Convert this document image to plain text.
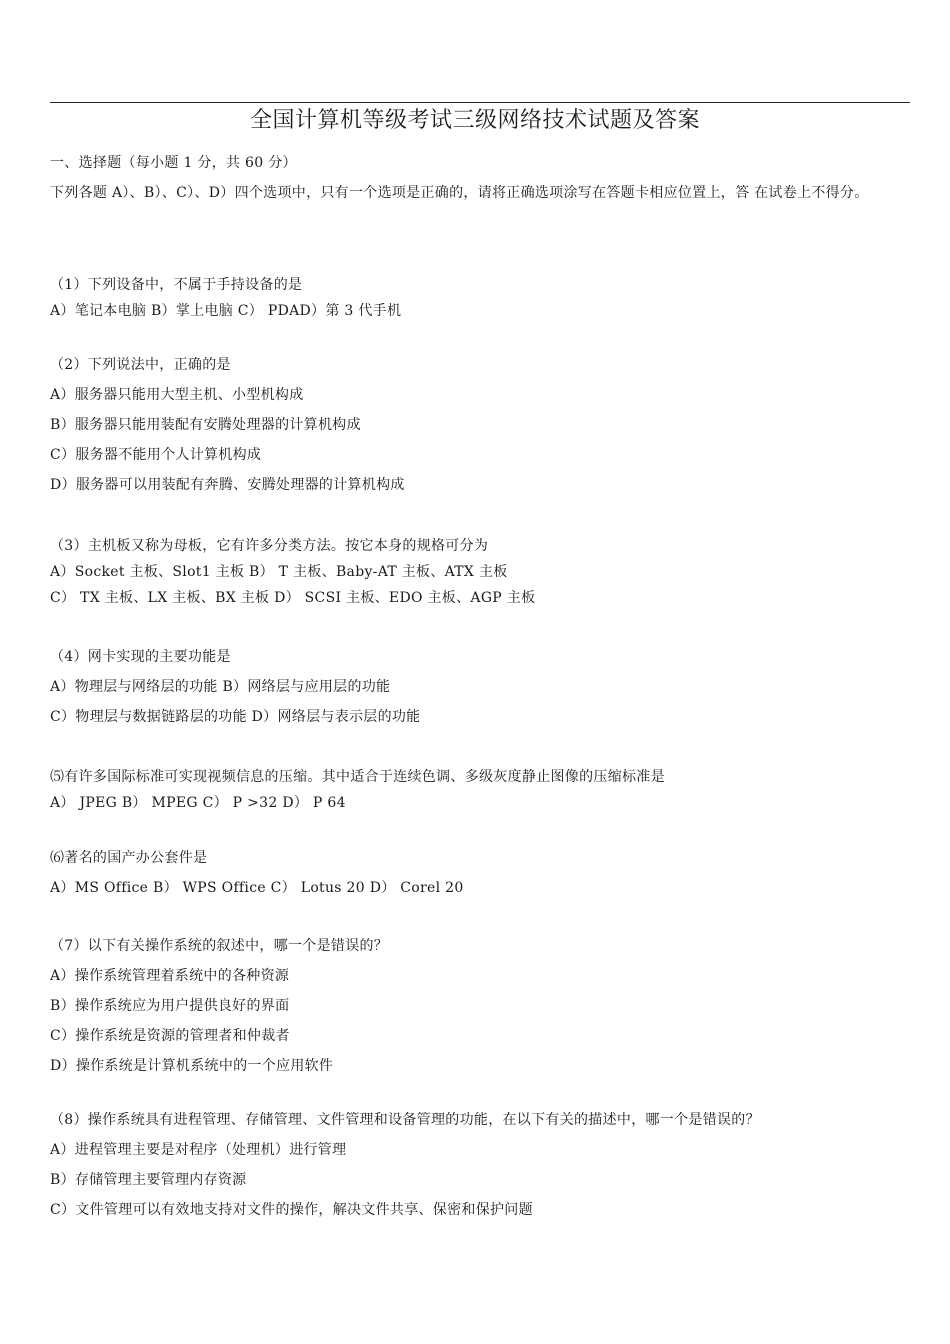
全国计算机等级考试三级网络技术试题及答案
一、选择题（每小题 1 分，共 60 分）
下列各题 A）、B）、C）、D）四个选项中，只有一个选项是正确的，请将正确选项涂写在答题卡相应位置上，答 在试卷上不得分。
（1）下列设备中，不属于手持设备的是
A）笔记本电脑 B）掌上电脑 C） PDAD）第 3 代手机
（2）下列说法中，正确的是
A）服务器只能用大型主机、小型机构成
B）服务器只能用装配有安腾处理器的计算机构成
C）服务器不能用个人计算机构成
D）服务器可以用装配有奔腾、安腾处理器的计算机构成
（3）主机板又称为母板，它有许多分类方法。按它本身的规格可分为
A）Socket 主板、Slot1 主板 B） T 主板、Baby-AT 主板、ATX 主板
C） TX 主板、LX 主板、BX 主板 D） SCSI 主板、EDO 主板、AGP 主板
（4）网卡实现的主要功能是
A）物理层与网络层的功能 B）网络层与应用层的功能
C）物理层与数据链路层的功能 D）网络层与表示层的功能
⑸有许多国际标准可实现视频信息的压缩。其中适合于连续色调、多级灰度静止图像的压缩标准是
A） JPEG B） MPEG C） P >32 D） P 64
⑹著名的国产办公套件是
A）MS Office B） WPS Office C） Lotus 20 D） Corel 20
（7）以下有关操作系统的叙述中，哪一个是错误的？
A）操作系统管理着系统中的各种资源
B）操作系统应为用户提供良好的界面
C）操作系统是资源的管理者和仲裁者
D）操作系统是计算机系统中的一个应用软件
（8）操作系统具有进程管理、存储管理、文件管理和设备管理的功能，在以下有关的描述中，哪一个是错误的？
A）进程管理主要是对程序（处理机）进行管理
B）存储管理主要管理内存资源
C）文件管理可以有效地支持对文件的操作，解决文件共享、保密和保护问题
